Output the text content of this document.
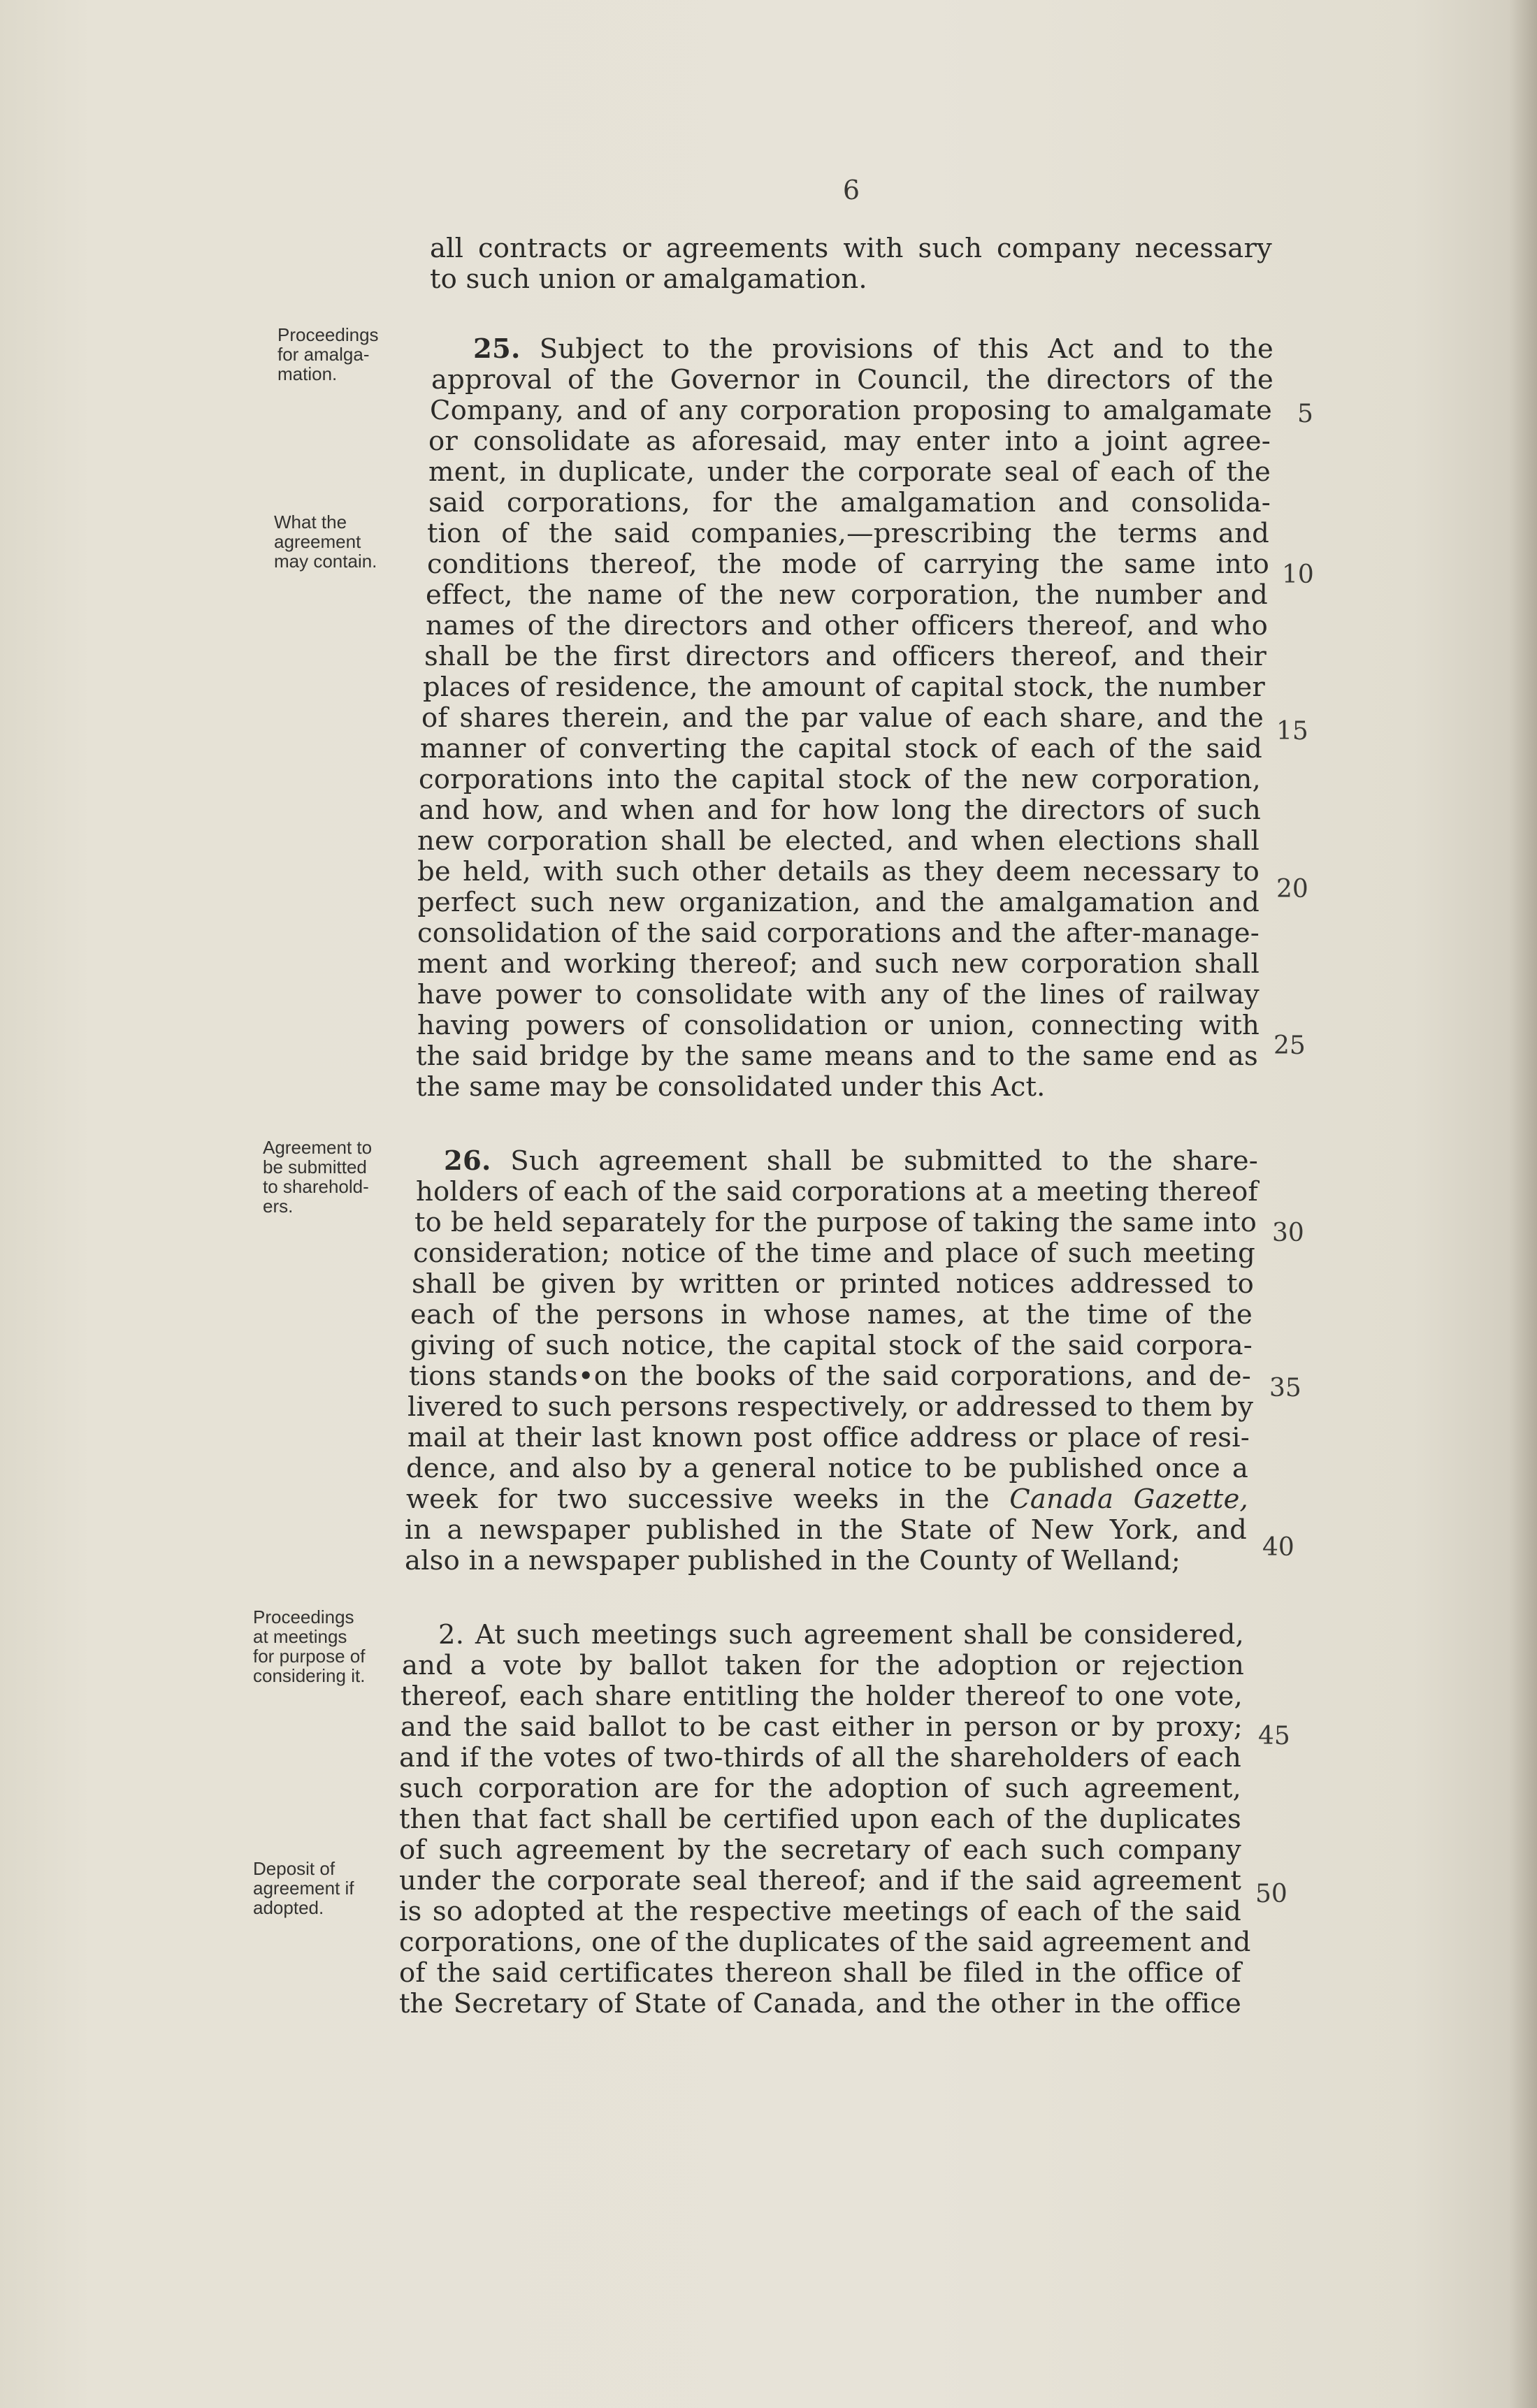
6
all contracts or agreements with such company necessary
to such union or amalgamation.
25. Subject to the provisions of this Act and to the
approval of the Governor in Council, the directors of the
Company, and of any corporation proposing to amalgamate
or consolidate as aforesaid, may enter into a joint agree-
ment, in duplicate, under the corporate seal of each of the
said corporations, for the amalgamation and consolida-
tion of the said companies,—prescribing the terms and
conditions thereof, the mode of carrying the same into
effect, the name of the new corporation, the number and
names of the directors and other officers thereof, and who
shall be the first directors and officers thereof, and their
places of residence, the amount of capital stock, the number
of shares therein, and the par value of each share, and the
manner of converting the capital stock of each of the said
corporations into the capital stock of the new corporation,
and how, and when and for how long the directors of such
new corporation shall be elected, and when elections shall
be held, with such other details as they deem necessary to
perfect such new organization, and the amalgamation and
consolidation of the said corporations and the after-manage-
ment and working thereof; and such new corporation shall
have power to consolidate with any of the lines of railway
having powers of consolidation or union, connecting with
the said bridge by the same means and to the same end as
the same may be consolidated under this Act.
26. Such agreement shall be submitted to the share-
holders of each of the said corporations at a meeting thereof
to be held separately for the purpose of taking the same into
consideration; notice of the time and place of such meeting
shall be given by written or printed notices addressed to
each of the persons in whose names, at the time of the
giving of such notice, the capital stock of the said corpora-
tions stands•on the books of the said corporations, and de-
livered to such persons respectively, or addressed to them by
mail at their last known post office address or place of resi-
dence, and also by a general notice to be published once a
week for two successive weeks in the Canada Gazette,
in a newspaper published in the State of New York, and
also in a newspaper published in the County of Welland;
2. At such meetings such agreement shall be considered,
and a vote by ballot taken for the adoption or rejection
thereof, each share entitling the holder thereof to one vote,
and the said ballot to be cast either in person or by proxy;
and if the votes of two-thirds of all the shareholders of each
such corporation are for the adoption of such agreement,
then that fact shall be certified upon each of the duplicates
of such agreement by the secretary of each such company
under the corporate seal thereof; and if the said agreement
is so adopted at the respective meetings of each of the said
corporations, one of the duplicates of the said agreement and
of the said certificates thereon shall be filed in the office of
the Secretary of State of Canada, and the other in the office
Proceedings
for amalga-
mation.
What the
agreement
may contain.
Agreement to
be submitted
to sharehold-
ers.
Proceedings
at meetings
for purpose of
considering it.
Deposit of
agreement if
adopted.
5
10
15
20
25
30
35
40
45
50
